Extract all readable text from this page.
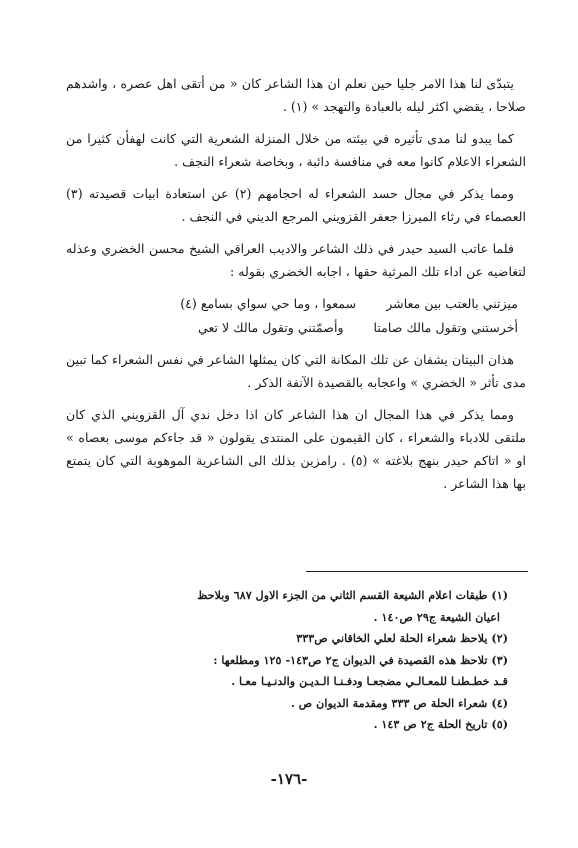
يتبدّى لنا هذا الامر جليا حين نعلم ان هذا الشاعر كان « من أتقى اهل عصره ، واشدهم صلاحا ، يقضي اكثر ليله بالعبادة والتهجد » (١) .

كما يبدو لنا مدى تأثيره في بيئته من خلال المنزلة الشعرية التي كانت لهفأن كثيرا من الشعراء الاعلام كانوا معه في منافسة دائبة ، وبخاصة شعراء النجف .

ومما يذكر في مجال حسد الشعراء له احجامهم (٢) عن استعادة ابيات قصيدته (٣) العصماء في رثاء الميرزا جعفر القزويني المرجع الديني في النجف .

فلما عاتب السيد حيدر في ذلك الشاعر والاديب العراقي الشيخ محسن الخضري وعذله لتغاضيه عن اداء تلك المرثية حقها ، اجابه الخضري بقوله :

ميزتني بالعتب بين معاشر
سمعوا ، وما حي سواي بسامع (٤)
أخرستني وتقول مالك صامتا
وأصمّتني وتقول مالك لا تعي

هذان البيتان يشفان عن تلك المكانة التي كان يمثلها الشاعر في نفس الشعراء كما تبين مدى تأثر « الخضري » واعجابه بالقصيدة الآنفة الذكر .

ومما يذكر في هذا المجال ان هذا الشاعر كان اذا دخل ندي آل القزويني الذي كان ملتقى للادباء والشعراء ، كان القيمون على المنتدى يقولون « قد جاءكم موسى بعصاه » او « اتاكم حيدر بنهج بلاغته » (٥) . رامزين بذلك الى الشاعرية الموهوبة التي كان يتمتع بها هذا الشاعر .

(١) طبقات اعلام الشيعة القسم الثاني من الجزء الاول ٦٨٧ وبلاحظ
اعيان الشيعة ج٢٩ ص١٤٠ .
(٢) يلاحظ شعراء الحلة لعلي الخاقاني ص٣٣٣
(٣) تلاحظ هذه القصيدة في الديوان ج٢ ص١٤٣- ١٢٥ ومطلعها :
قـد خطـطنـا للمعـالـي مضجعـا ودفـنـا الـديـن والدنـيـا معـا .
(٤) شعراء الحلة ص ٣٣٣ ومقدمة الديوان ص .
(٥) تاريخ الحلة ج٢ ص ١٤٣ .
-١٧٦-
